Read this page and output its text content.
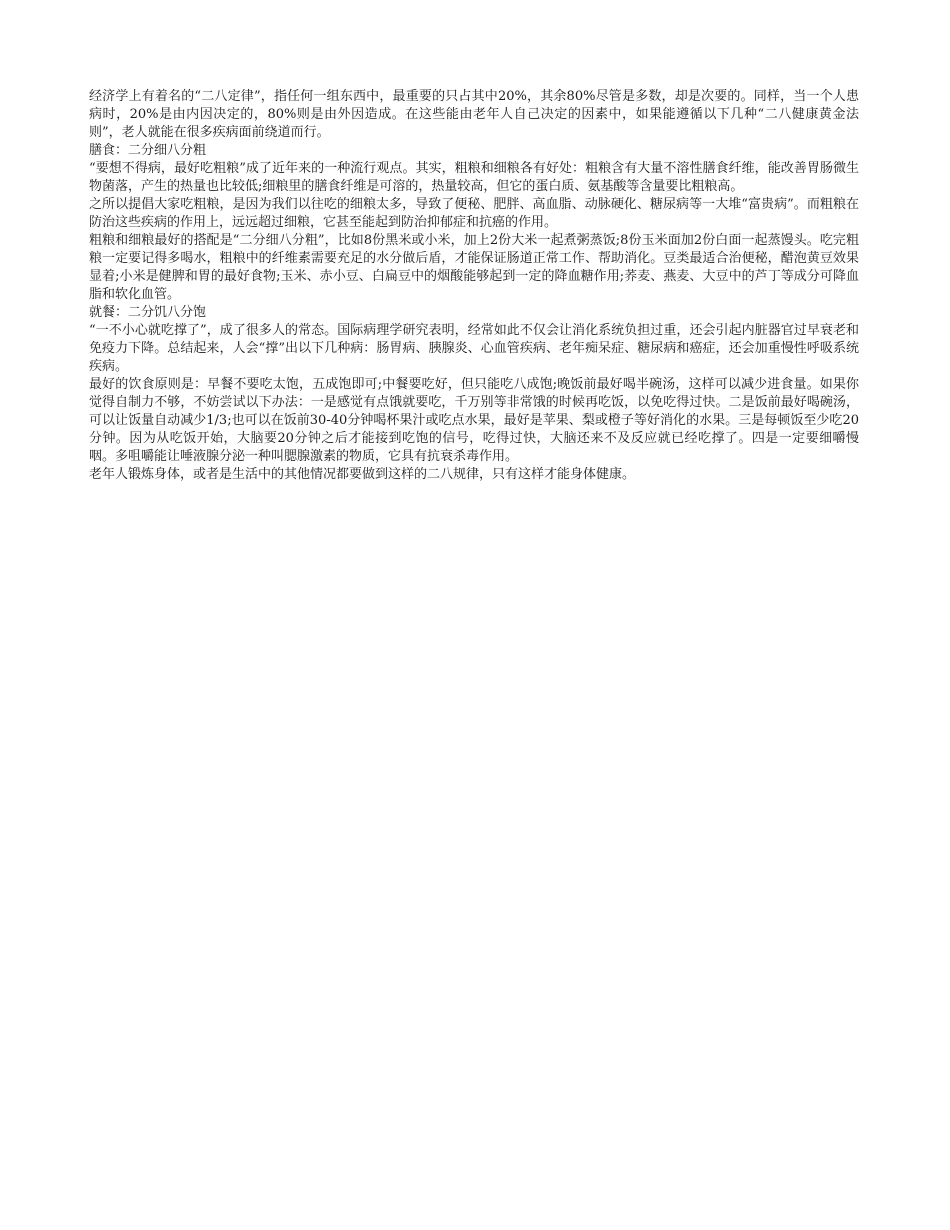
经济学上有着名的“二八定律”，指任何一组东西中，最重要的只占其中20%，其余80%尽管是多数，却是次要的。同样，当一个人患病时，20%是由内因决定的，80%则是由外因造成。在这些能由老年人自己决定的因素中，如果能遵循以下几种“二八健康黄金法则”，老人就能在很多疾病面前绕道而行。

膳食：二分细八分粗

“要想不得病，最好吃粗粮”成了近年来的一种流行观点。其实，粗粮和细粮各有好处：粗粮含有大量不溶性膳食纤维，能改善胃肠微生物菌落，产生的热量也比较低;细粮里的膳食纤维是可溶的，热量较高，但它的蛋白质、氨基酸等含量要比粗粮高。

之所以提倡大家吃粗粮，是因为我们以往吃的细粮太多，导致了便秘、肥胖、高血脂、动脉硬化、糖尿病等一大堆“富贵病”。而粗粮在防治这些疾病的作用上，远远超过细粮，它甚至能起到防治抑郁症和抗癌的作用。

粗粮和细粮最好的搭配是“二分细八分粗”，比如8份黑米或小米，加上2份大米一起煮粥蒸饭;8份玉米面加2份白面一起蒸馒头。吃完粗粮一定要记得多喝水，粗粮中的纤维素需要充足的水分做后盾，才能保证肠道正常工作、帮助消化。豆类最适合治便秘，醋泡黄豆效果显着;小米是健脾和胃的最好食物;玉米、赤小豆、白扁豆中的烟酸能够起到一定的降血糖作用;荞麦、燕麦、大豆中的芦丁等成分可降血脂和软化血管。

就餐：二分饥八分饱

“一不小心就吃撑了”，成了很多人的常态。国际病理学研究表明，经常如此不仅会让消化系统负担过重，还会引起内脏器官过早衰老和免疫力下降。总结起来，人会“撑”出以下几种病：肠胃病、胰腺炎、心血管疾病、老年痴呆症、糖尿病和癌症，还会加重慢性呼吸系统疾病。

最好的饮食原则是：早餐不要吃太饱，五成饱即可;中餐要吃好，但只能吃八成饱;晚饭前最好喝半碗汤，这样可以减少进食量。如果你觉得自制力不够，不妨尝试以下办法：一是感觉有点饿就要吃，千万别等非常饿的时候再吃饭，以免吃得过快。二是饭前最好喝碗汤，可以让饭量自动减少1/3;也可以在饭前30-40分钟喝杯果汁或吃点水果，最好是苹果、梨或橙子等好消化的水果。三是每顿饭至少吃20分钟。因为从吃饭开始，大脑要20分钟之后才能接到吃饱的信号，吃得过快，大脑还来不及反应就已经吃撑了。四是一定要细嚼慢咽。多咀嚼能让唾液腺分泌一种叫腮腺激素的物质，它具有抗衰杀毒作用。

老年人锻炼身体，或者是生活中的其他情况都要做到这样的二八规律，只有这样才能身体健康。
